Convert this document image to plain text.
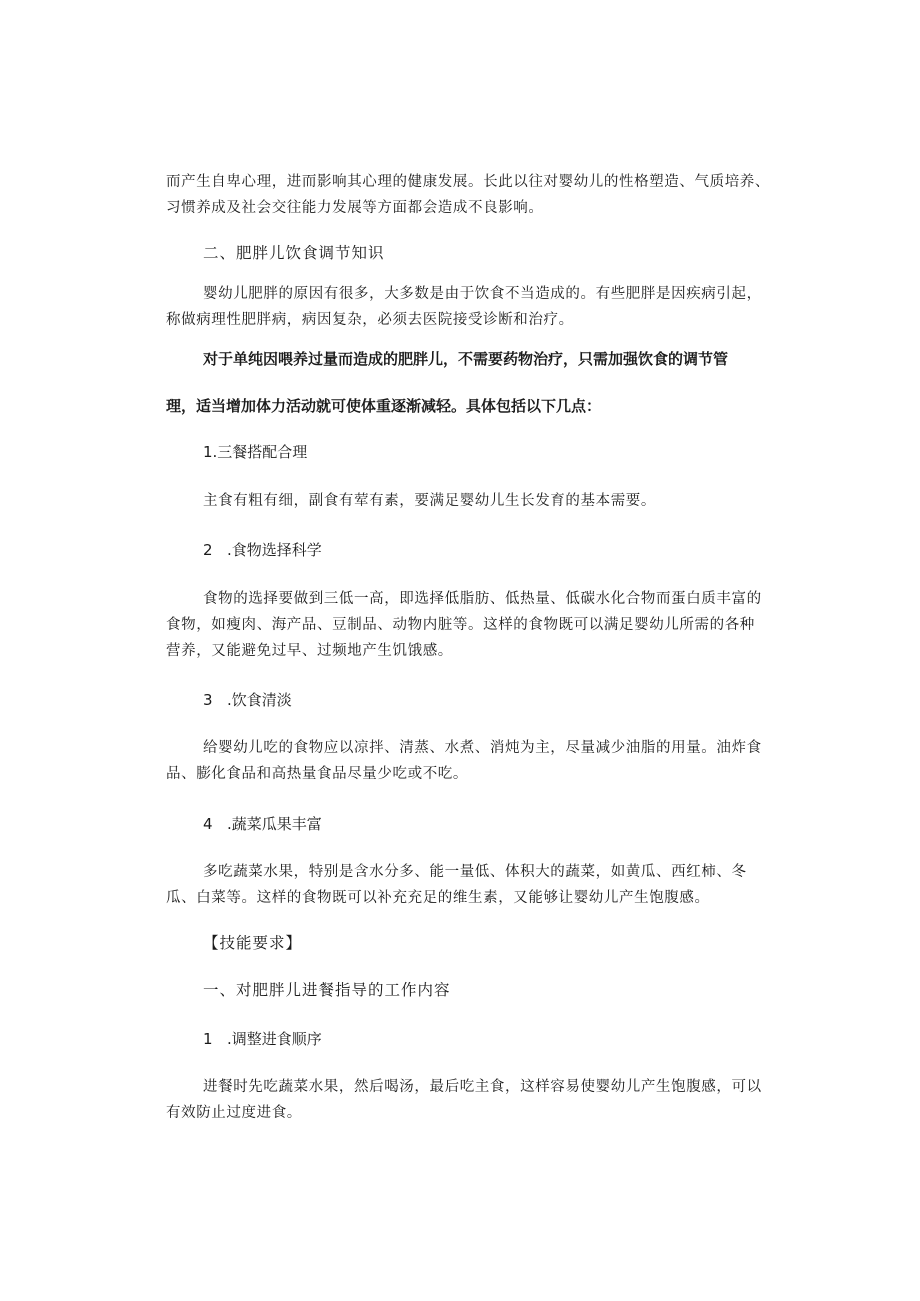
而产生自卑心理，进而影响其心理的健康发展。长此以往对婴幼儿的性格塑造、气质培养、
习惯养成及社会交往能力发展等方面都会造成不良影响。
二、肥胖儿饮食调节知识
婴幼儿肥胖的原因有很多，大多数是由于饮食不当造成的。有些肥胖是因疾病引起，
称做病理性肥胖病，病因复杂，必须去医院接受诊断和治疗。
对于单纯因喂养过量而造成的肥胖儿，不需要药物治疗，只需加强饮食的调节管
理，适当增加体力活动就可使体重逐渐减轻。具体包括以下几点：
1.三餐搭配合理
主食有粗有细，副食有荤有素，要满足婴幼儿生长发育的基本需要。
2 .食物选择科学
食物的选择要做到三低一高，即选择低脂肪、低热量、低碳水化合物而蛋白质丰富的
食物，如瘦肉、海产品、豆制品、动物内脏等。这样的食物既可以满足婴幼儿所需的各种
营养，又能避免过早、过频地产生饥饿感。
3 .饮食清淡
给婴幼儿吃的食物应以凉拌、清蒸、水煮、消炖为主，尽量减少油脂的用量。油炸食
品、膨化食品和高热量食品尽量少吃或不吃。
4 .蔬菜瓜果丰富
多吃蔬菜水果，特别是含水分多、能一量低、体积大的蔬菜，如黄瓜、西红柿、冬
瓜、白菜等。这样的食物既可以补充充足的维生素，又能够让婴幼儿产生饱腹感。
【技能要求】
一、对肥胖儿进餐指导的工作内容
1 .调整进食顺序
进餐时先吃蔬菜水果，然后喝汤，最后吃主食，这样容易使婴幼儿产生饱腹感，可以
有效防止过度进食。
